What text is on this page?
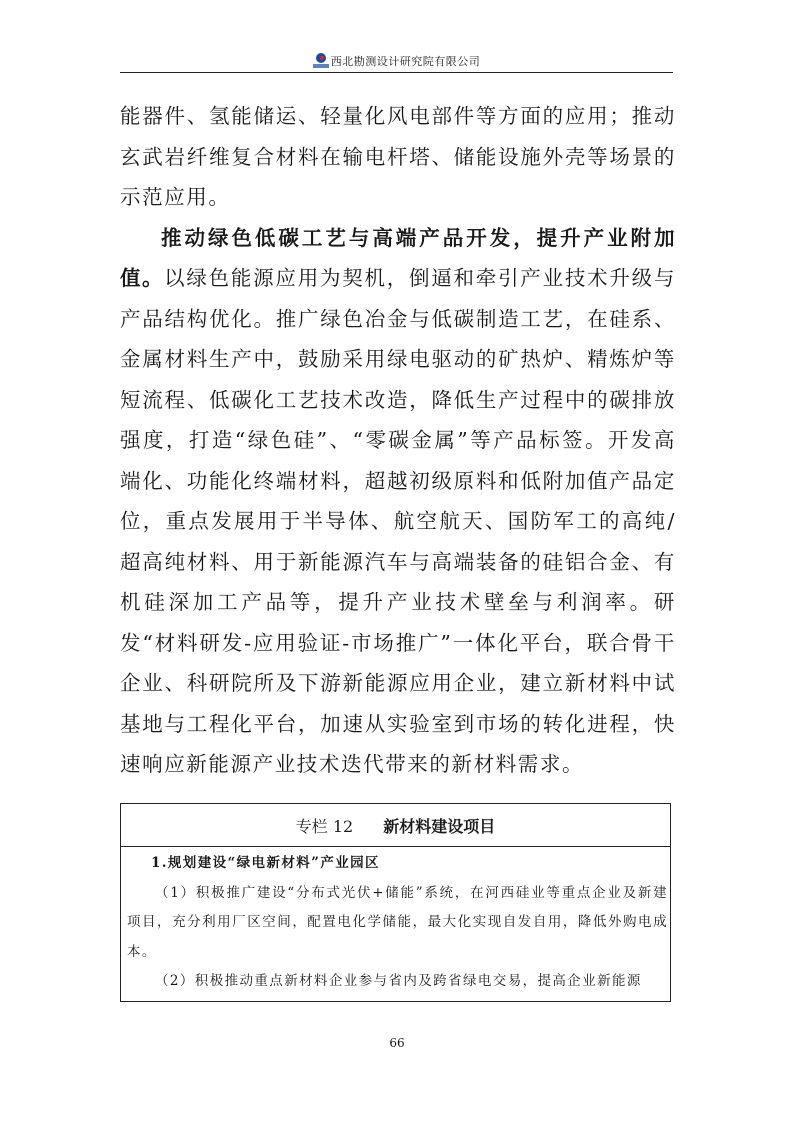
西北勘测设计研究院有限公司

能器件、氢能储运、轻量化风电部件等方面的应用；推动玄武岩纤维复合材料在输电杆塔、储能设施外壳等场景的示范应用。

推动绿色低碳工艺与高端产品开发，提升产业附加值。以绿色能源应用为契机，倒逼和牵引产业技术升级与产品结构优化。推广绿色冶金与低碳制造工艺，在硅系、金属材料生产中，鼓励采用绿电驱动的矿热炉、精炼炉等短流程、低碳化工艺技术改造，降低生产过程中的碳排放强度，打造“绿色硅”、“零碳金属”等产品标签。开发高端化、功能化终端材料，超越初级原料和低附加值产品定位，重点发展用于半导体、航空航天、国防军工的高纯/超高纯材料、用于新能源汽车与高端装备的硅铝合金、有机硅深加工产品等，提升产业技术壁垒与利润率。研发“材料研发-应用验证-市场推广”一体化平台，联合骨干企业、科研院所及下游新能源应用企业，建立新材料中试基地与工程化平台，加速从实验室到市场的转化进程，快速响应新能源产业技术迭代带来的新材料需求。

专栏 12 新材料建设项目

1.规划建设“绿电新材料”产业园区

（1）积极推广建设“分布式光伏+储能”系统，在河西硅业等重点企业及新建项目，充分利用厂区空间，配置电化学储能，最大化实现自发自用，降低外购电成本。

（2）积极推动重点新材料企业参与省内及跨省绿电交易，提高企业新能源

66
